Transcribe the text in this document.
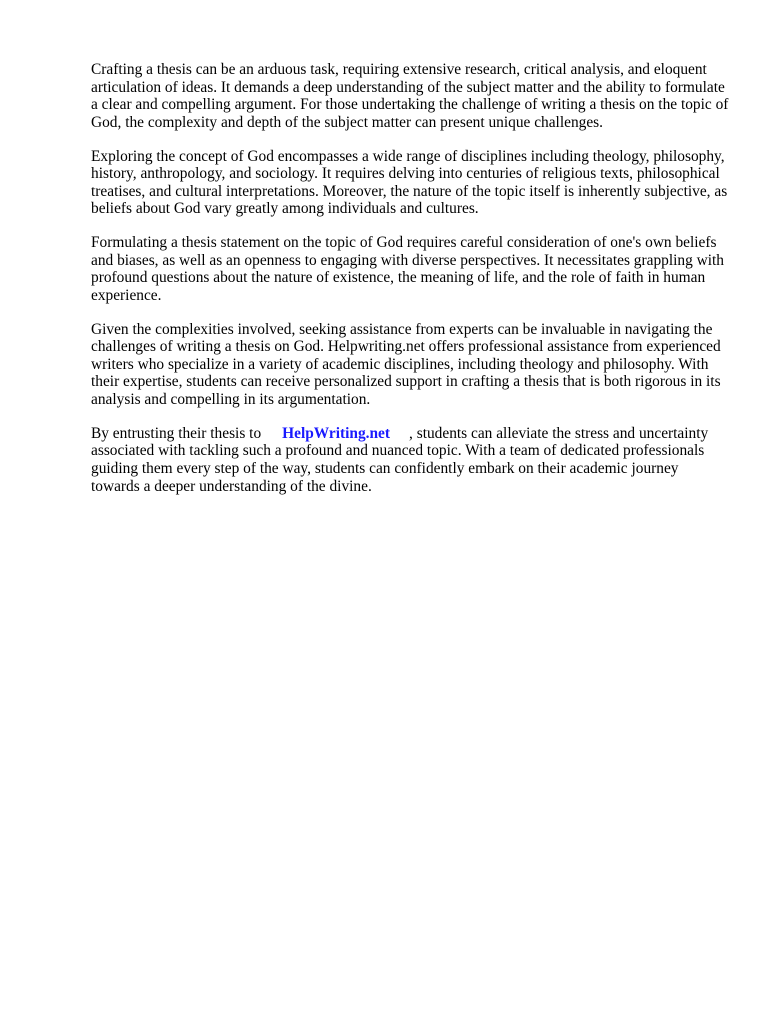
Crafting a thesis can be an arduous task, requiring extensive research, critical analysis, and eloquent articulation of ideas. It demands a deep understanding of the subject matter and the ability to formulate a clear and compelling argument. For those undertaking the challenge of writing a thesis on the topic of God, the complexity and depth of the subject matter can present unique challenges.

Exploring the concept of God encompasses a wide range of disciplines including theology, philosophy, history, anthropology, and sociology. It requires delving into centuries of religious texts, philosophical treatises, and cultural interpretations. Moreover, the nature of the topic itself is inherently subjective, as beliefs about God vary greatly among individuals and cultures.

Formulating a thesis statement on the topic of God requires careful consideration of one's own beliefs and biases, as well as an openness to engaging with diverse perspectives. It necessitates grappling with profound questions about the nature of existence, the meaning of life, and the role of faith in human experience.

Given the complexities involved, seeking assistance from experts can be invaluable in navigating the challenges of writing a thesis on God. Helpwriting.net offers professional assistance from experienced writers who specialize in a variety of academic disciplines, including theology and philosophy. With their expertise, students can receive personalized support in crafting a thesis that is both rigorous in its analysis and compelling in its argumentation.

By entrusting their thesis to HelpWriting.net , students can alleviate the stress and uncertainty associated with tackling such a profound and nuanced topic. With a team of dedicated professionals guiding them every step of the way, students can confidently embark on their academic journey towards a deeper understanding of the divine.
